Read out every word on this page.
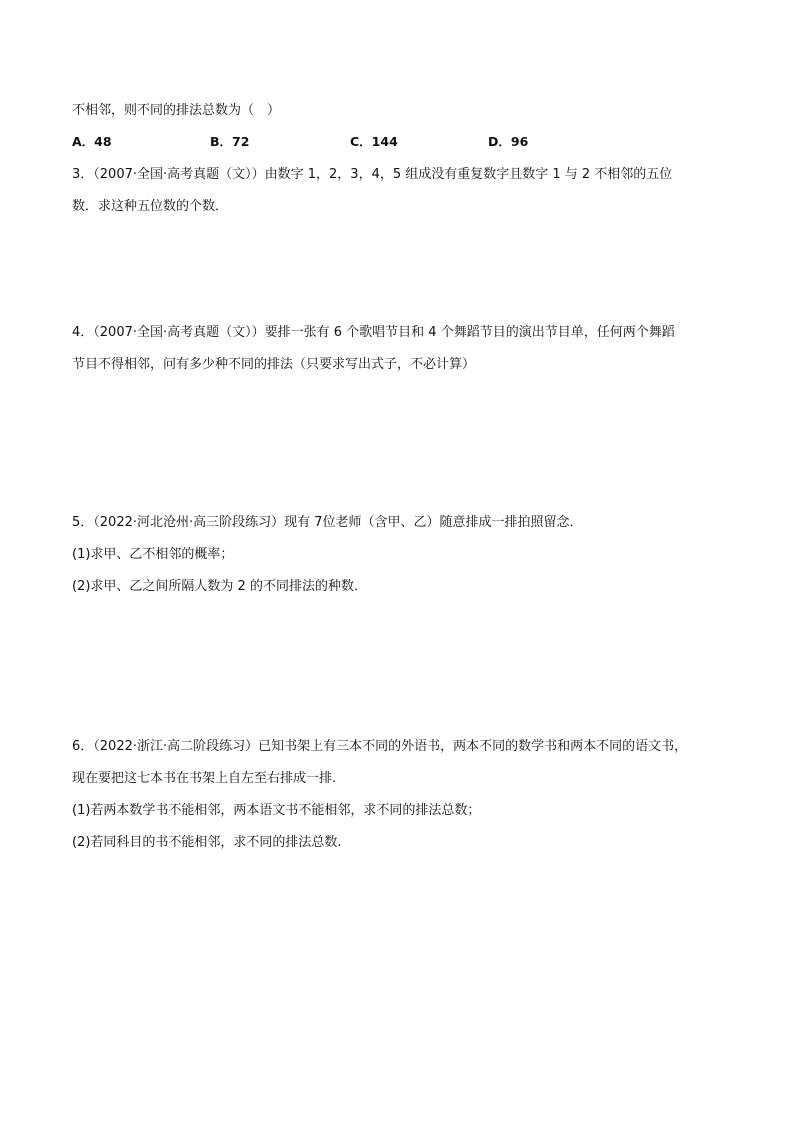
不相邻，则不同的排法总数为（　）
A．48	B．72	C．144	D．96
3．（2007·全国·高考真题（文））由数字 1，2，3，4，5 组成没有重复数字且数字 1 与 2 不相邻的五位
数．求这种五位数的个数．
4．（2007·全国·高考真题（文））要排一张有 6 个歌唱节目和 4 个舞蹈节目的演出节目单，任何两个舞蹈
节目不得相邻，问有多少种不同的排法（只要求写出式子，不必计算）
5．（2022·河北沧州·高三阶段练习）现有 7位老师（含甲、乙）随意排成一排拍照留念．
(1)求甲、乙不相邻的概率；
(2)求甲、乙之间所隔人数为 2 的不同排法的种数．
6．（2022·浙江·高二阶段练习）已知书架上有三本不同的外语书，两本不同的数学书和两本不同的语文书，
现在要把这七本书在书架上自左至右排成一排.
(1)若两本数学书不能相邻，两本语文书不能相邻，求不同的排法总数；
(2)若同科目的书不能相邻，求不同的排法总数.
